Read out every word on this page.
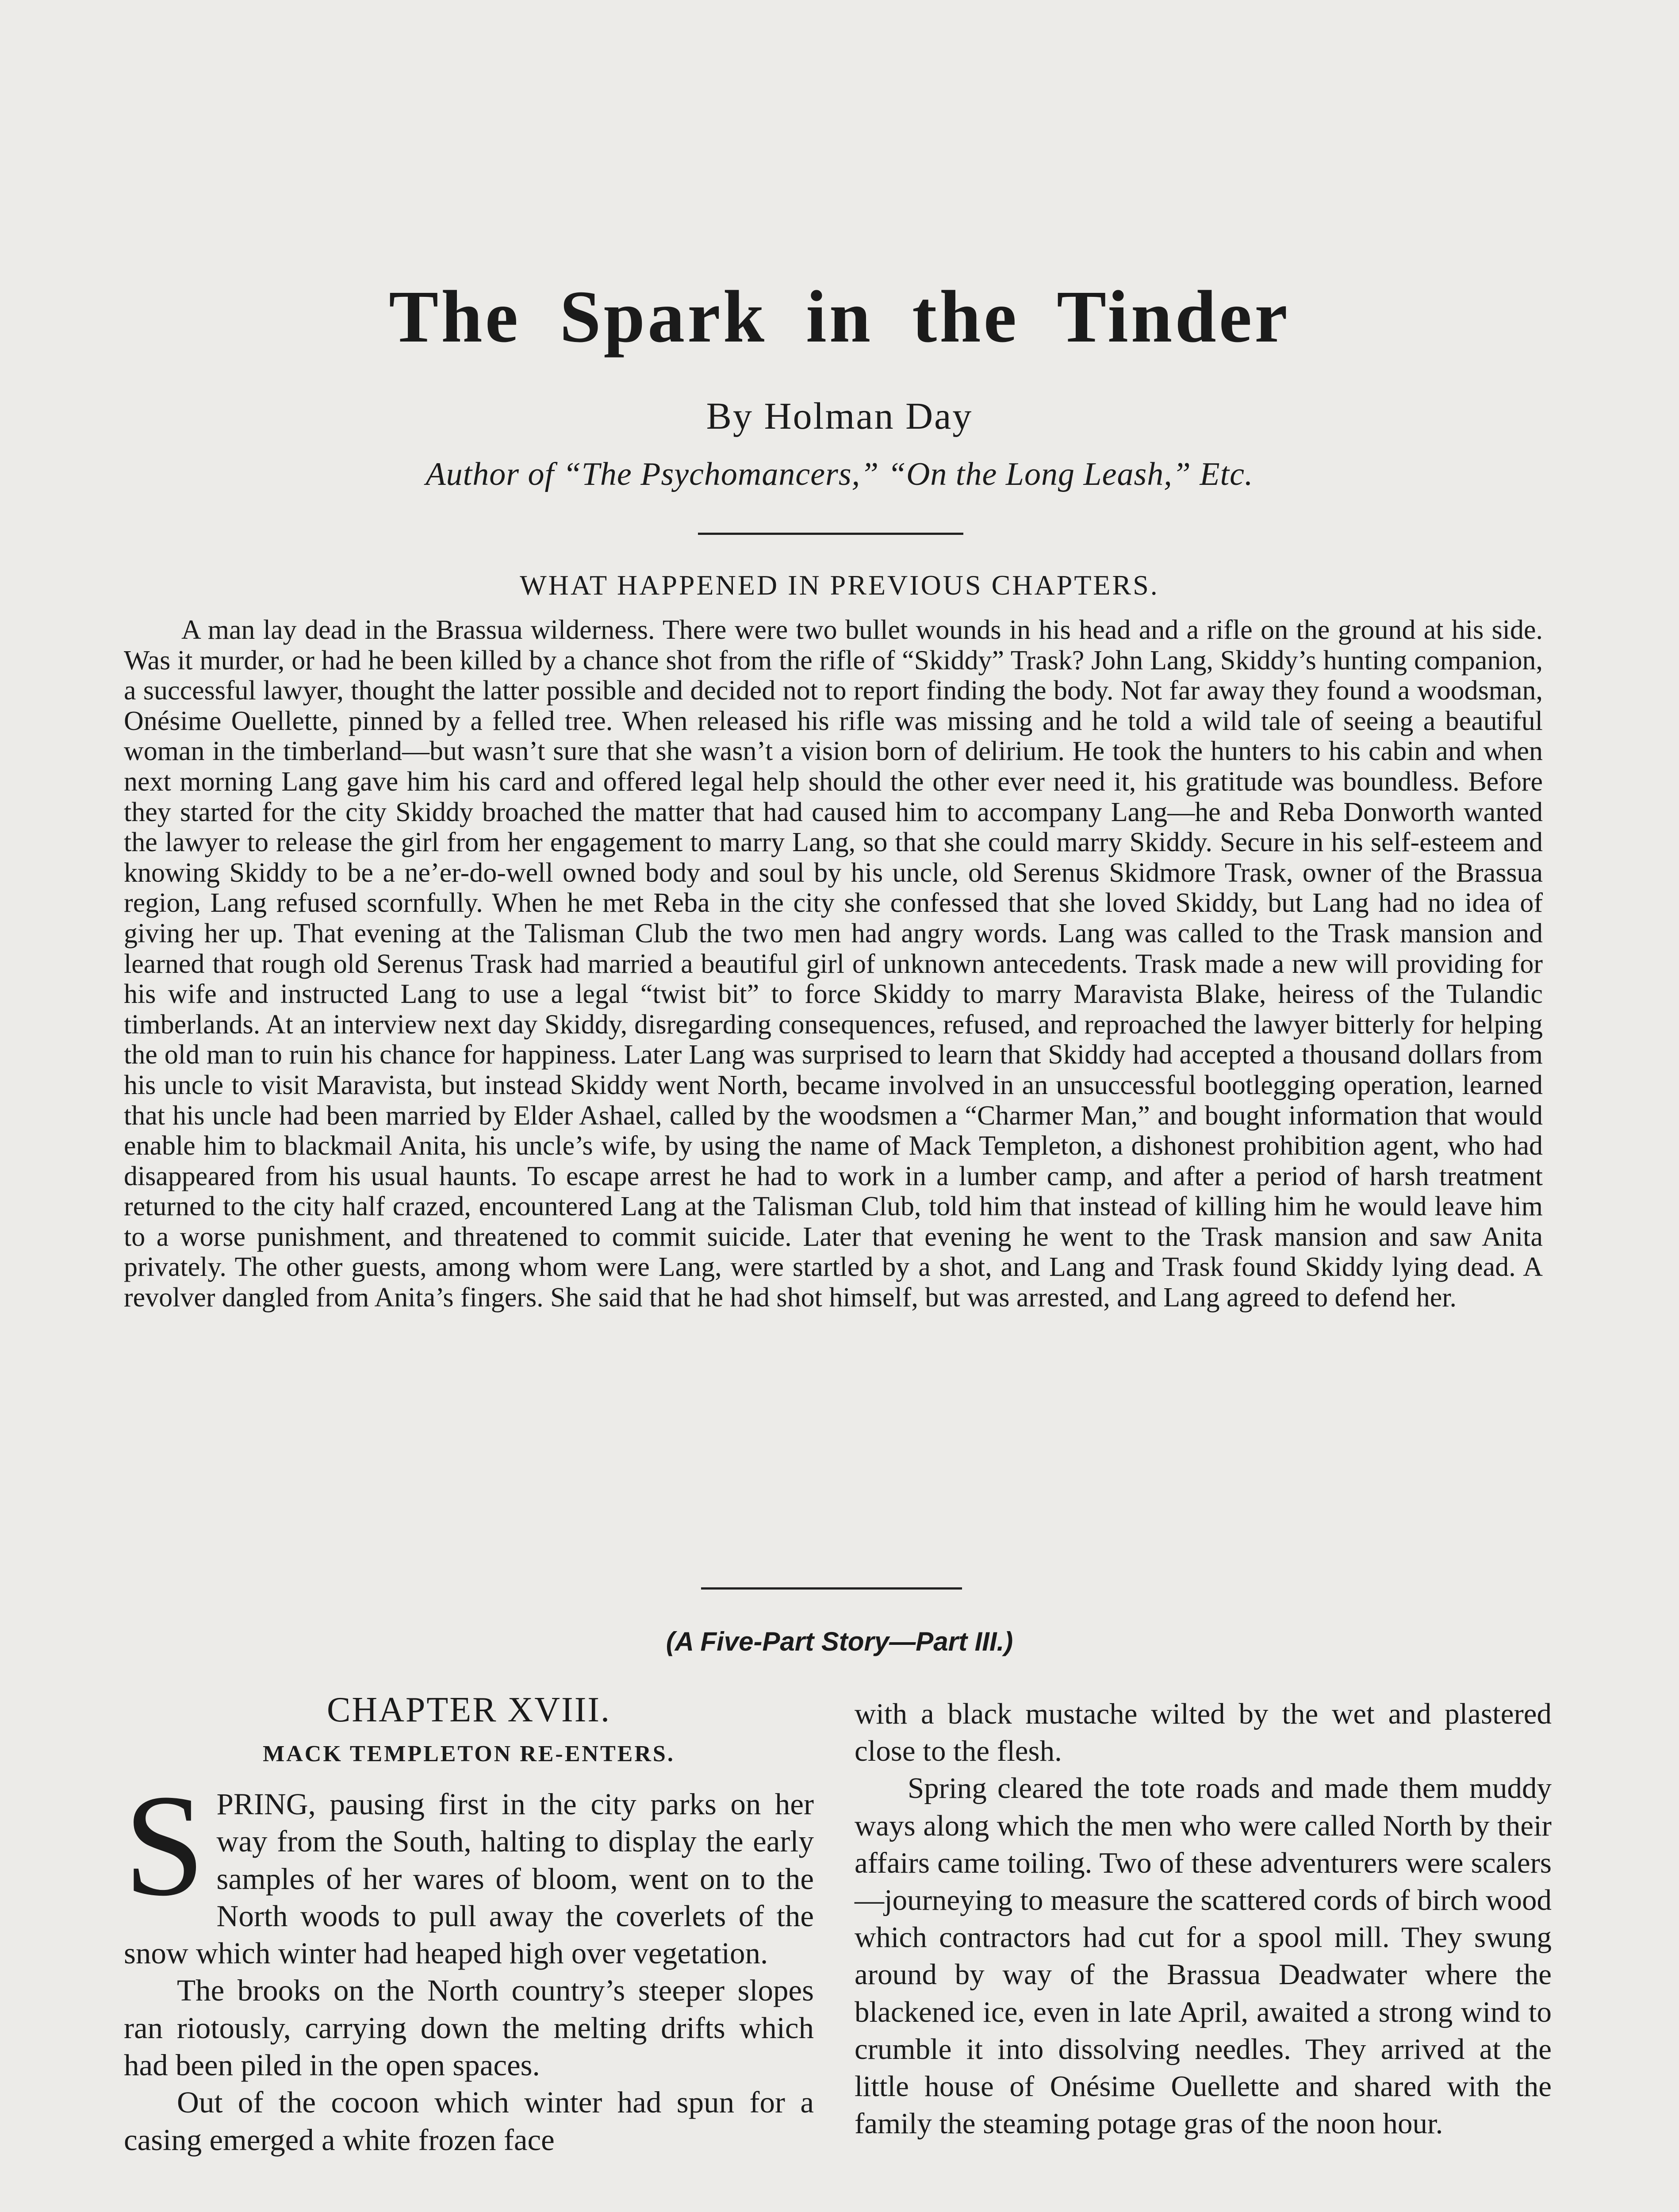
The Spark in the Tinder
By Holman Day
Author of “The Psychomancers,” “On the Long Leash,” Etc.
WHAT HAPPENED IN PREVIOUS CHAPTERS.

A man lay dead in the Brassua wilderness. There were two bullet wounds in his head and a rifle on the ground at his side. Was it murder, or had he been killed by a chance shot from the rifle of “Skiddy” Trask? John Lang, Skiddy’s hunting companion, a successful lawyer, thought the latter possible and decided not to report finding the body. Not far away they found a woodsman, Onésime Ouellette, pinned by a felled tree. When released his rifle was missing and he told a wild tale of seeing a beautiful woman in the timberland—but wasn’t sure that she wasn’t a vision born of delirium. He took the hunters to his cabin and when next morning Lang gave him his card and offered legal help should the other ever need it, his gratitude was boundless. Before they started for the city Skiddy broached the matter that had caused him to accompany Lang—he and Reba Donworth wanted the lawyer to release the girl from her engagement to marry Lang, so that she could marry Skiddy. Secure in his self-esteem and knowing Skiddy to be a ne’er-do-well owned body and soul by his uncle, old Serenus Skidmore Trask, owner of the Brassua region, Lang refused scornfully. When he met Reba in the city she confessed that she loved Skiddy, but Lang had no idea of giving her up. That evening at the Talisman Club the two men had angry words. Lang was called to the Trask mansion and learned that rough old Serenus Trask had married a beautiful girl of unknown antecedents. Trask made a new will providing for his wife and instructed Lang to use a legal “twist bit” to force Skiddy to marry Maravista Blake, heiress of the Tulandic timberlands. At an interview next day Skiddy, disregarding consequences, refused, and reproached the lawyer bitterly for helping the old man to ruin his chance for happiness. Later Lang was surprised to learn that Skiddy had accepted a thousand dollars from his uncle to visit Maravista, but instead Skiddy went North, became involved in an unsuccessful bootlegging operation, learned that his uncle had been married by Elder Ashael, called by the woodsmen a “Charmer Man,” and bought information that would enable him to blackmail Anita, his uncle’s wife, by using the name of Mack Templeton, a dishonest prohibition agent, who had disappeared from his usual haunts. To escape arrest he had to work in a lumber camp, and after a period of harsh treatment returned to the city half crazed, encountered Lang at the Talisman Club, told him that instead of killing him he would leave him to a worse punishment, and threatened to commit suicide. Later that evening he went to the Trask mansion and saw Anita privately. The other guests, among whom were Lang, were startled by a shot, and Lang and Trask found Skiddy lying dead. A revolver dangled from Anita’s fingers. She said that he had shot himself, but was arrested, and Lang agreed to defend her.

(A Five-Part Story—Part III.)
CHAPTER XVIII.
MACK TEMPLETON RE-ENTERS.

SPRING, pausing first in the city parks on her way from the South, halting to display the early samples of her wares of bloom, went on to the North woods to pull away the coverlets of the snow which winter had heaped high over vegetation.

The brooks on the North country’s steeper slopes ran riotously, carrying down the melting drifts which had been piled in the open spaces.

Out of the cocoon which winter had spun for a casing emerged a white frozen face

with a black mustache wilted by the wet and plastered close to the flesh.

Spring cleared the tote roads and made them muddy ways along which the men who were called North by their affairs came toiling. Two of these adventurers were scalers—journeying to measure the scattered cords of birch wood which contractors had cut for a spool mill. They swung around by way of the Brassua Deadwater where the blackened ice, even in late April, awaited a strong wind to crumble it into dissolving needles. They arrived at the little house of Onésime Ouellette and shared with the family the steaming potage gras of the noon hour.
